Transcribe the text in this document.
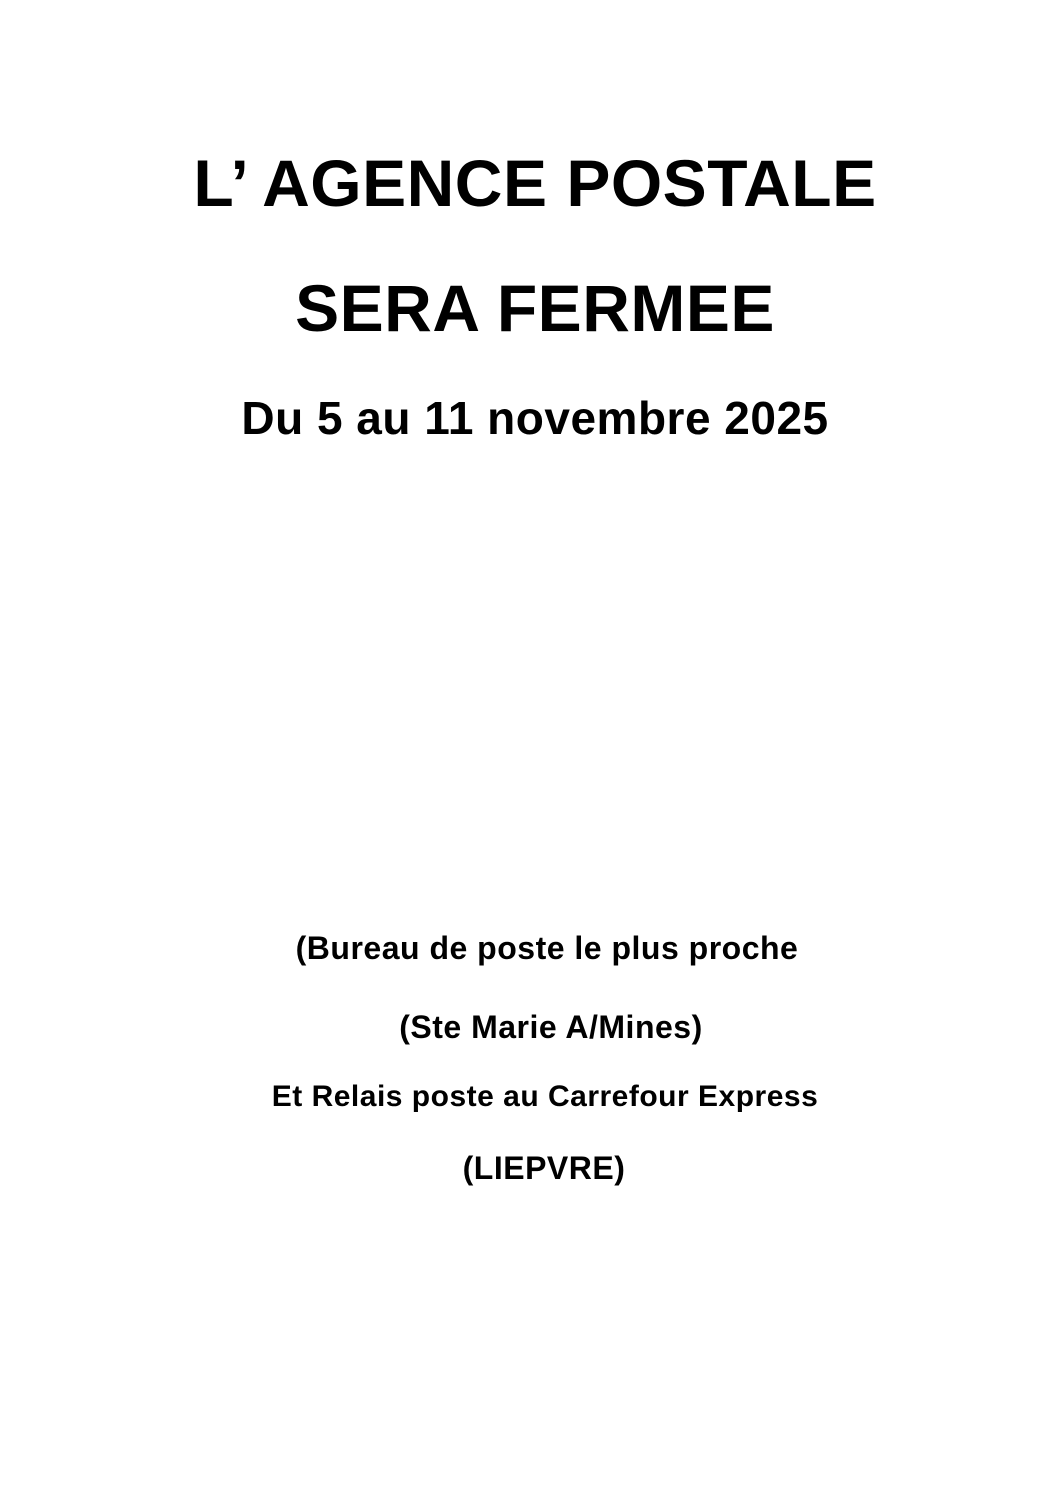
L’ AGENCE POSTALE
SERA FERMEE
Du 5 au 11 novembre 2025
(Bureau de poste le plus proche
(Ste Marie A/Mines)
Et Relais poste au Carrefour Express
(LIEPVRE)
